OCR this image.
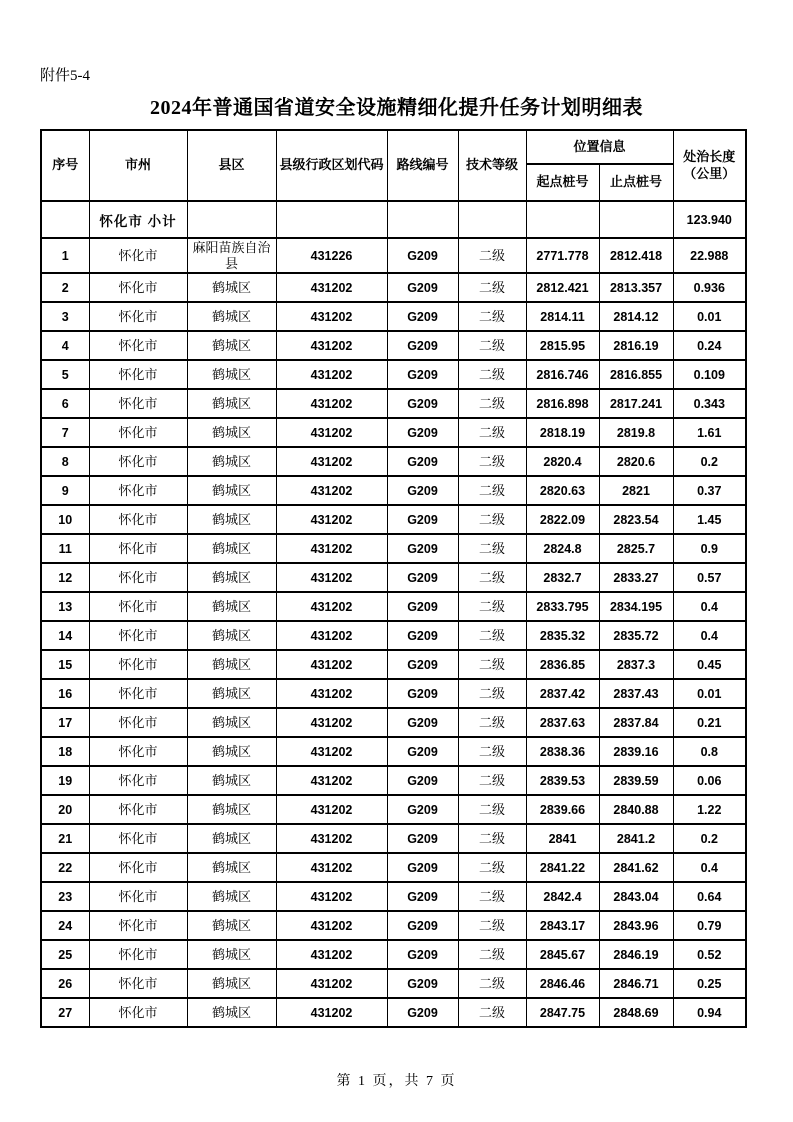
附件5-4
2024年普通国省道安全设施精细化提升任务计划明细表
序号	市州	县区	县级行政区划代码	路线编号	技术等级	位置信息		处治长度
（公里）

						起点桩号	止点桩号	
	怀化市 小计							123.940
1	怀化市	麻阳苗族自治县	431226	G209	二级	2771.778	2812.418	22.988
2	怀化市	鹤城区	431202	G209	二级	2812.421	2813.357	0.936
3	怀化市	鹤城区	431202	G209	二级	2814.11	2814.12	0.01
4	怀化市	鹤城区	431202	G209	二级	2815.95	2816.19	0.24
5	怀化市	鹤城区	431202	G209	二级	2816.746	2816.855	0.109
6	怀化市	鹤城区	431202	G209	二级	2816.898	2817.241	0.343
7	怀化市	鹤城区	431202	G209	二级	2818.19	2819.8	1.61
8	怀化市	鹤城区	431202	G209	二级	2820.4	2820.6	0.2
9	怀化市	鹤城区	431202	G209	二级	2820.63	2821	0.37
10	怀化市	鹤城区	431202	G209	二级	2822.09	2823.54	1.45
11	怀化市	鹤城区	431202	G209	二级	2824.8	2825.7	0.9
12	怀化市	鹤城区	431202	G209	二级	2832.7	2833.27	0.57
13	怀化市	鹤城区	431202	G209	二级	2833.795	2834.195	0.4
14	怀化市	鹤城区	431202	G209	二级	2835.32	2835.72	0.4
15	怀化市	鹤城区	431202	G209	二级	2836.85	2837.3	0.45
16	怀化市	鹤城区	431202	G209	二级	2837.42	2837.43	0.01
17	怀化市	鹤城区	431202	G209	二级	2837.63	2837.84	0.21
18	怀化市	鹤城区	431202	G209	二级	2838.36	2839.16	0.8
19	怀化市	鹤城区	431202	G209	二级	2839.53	2839.59	0.06
20	怀化市	鹤城区	431202	G209	二级	2839.66	2840.88	1.22
21	怀化市	鹤城区	431202	G209	二级	2841	2841.2	0.2
22	怀化市	鹤城区	431202	G209	二级	2841.22	2841.62	0.4
23	怀化市	鹤城区	431202	G209	二级	2842.4	2843.04	0.64
24	怀化市	鹤城区	431202	G209	二级	2843.17	2843.96	0.79
25	怀化市	鹤城区	431202	G209	二级	2845.67	2846.19	0.52
26	怀化市	鹤城区	431202	G209	二级	2846.46	2846.71	0.25
27	怀化市	鹤城区	431202	G209	二级	2847.75	2848.69	0.94
第 1 页，共 7 页
